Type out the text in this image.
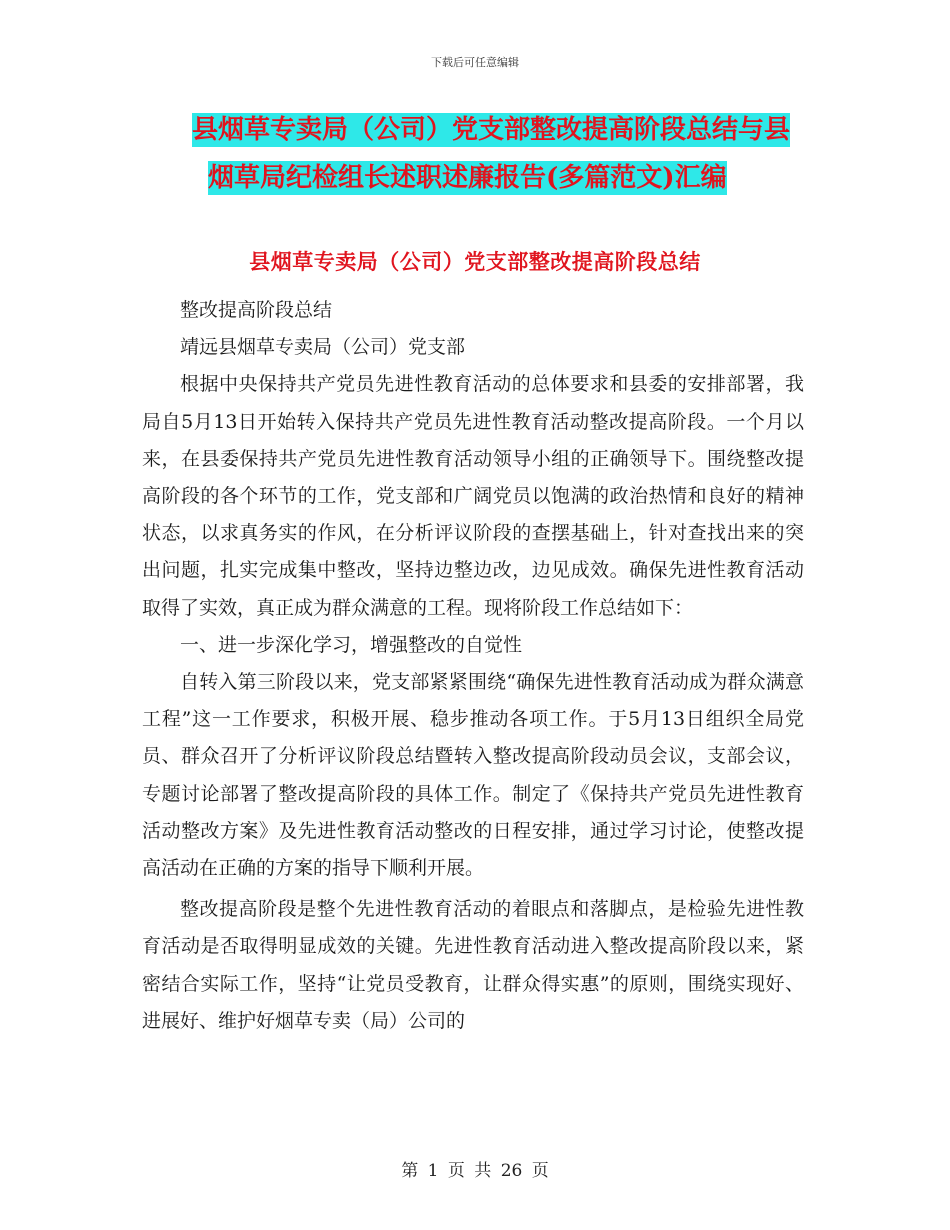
下载后可任意编辑
县烟草专卖局（公司）党支部整改提高阶段总结与县
烟草局纪检组长述职述廉报告(多篇范文)汇编
县烟草专卖局（公司）党支部整改提高阶段总结

整改提高阶段总结

靖远县烟草专卖局（公司）党支部

根据中央保持共产党员先进性教育活动的总体要求和县委的安排部署，我局自5月13日开始转入保持共产党员先进性教育活动整改提高阶段。一个月以来，在县委保持共产党员先进性教育活动领导小组的正确领导下。围绕整改提高阶段的各个环节的工作，党支部和广阔党员以饱满的政治热情和良好的精神状态，以求真务实的作风，在分析评议阶段的查摆基础上，针对查找出来的突出问题，扎实完成集中整改，坚持边整边改，边见成效。确保先进性教育活动取得了实效，真正成为群众满意的工程。现将阶段工作总结如下：

一、进一步深化学习，增强整改的自觉性

自转入第三阶段以来，党支部紧紧围绕“确保先进性教育活动成为群众满意工程”这一工作要求，积极开展、稳步推动各项工作。于5月13日组织全局党员、群众召开了分析评议阶段总结暨转入整改提高阶段动员会议，支部会议，专题讨论部署了整改提高阶段的具体工作。制定了《保持共产党员先进性教育活动整改方案》及先进性教育活动整改的日程安排，通过学习讨论，使整改提高活动在正确的方案的指导下顺利开展。

整改提高阶段是整个先进性教育活动的着眼点和落脚点，是检验先进性教育活动是否取得明显成效的关键。先进性教育活动进入整改提高阶段以来，紧密结合实际工作，坚持“让党员受教育，让群众得实惠”的原则，围绕实现好、进展好、维护好烟草专卖（局）公司的

第 1 页 共 26 页
